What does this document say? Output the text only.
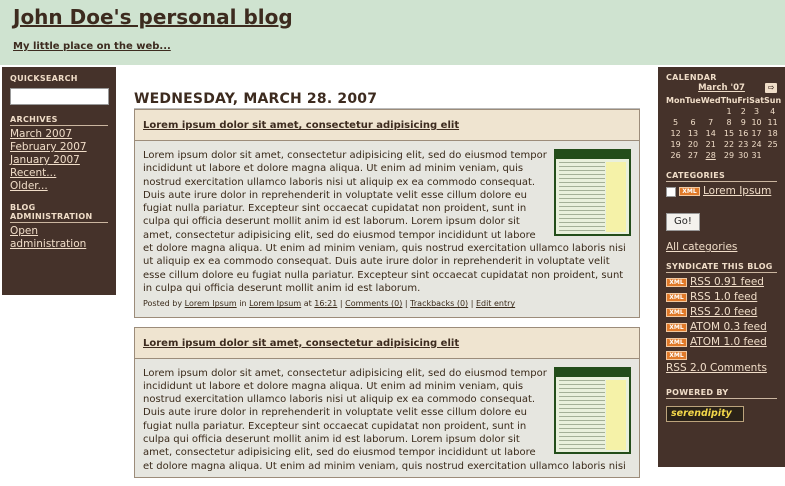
John Doe's personal blog
My little place on the web...
QUICKSEARCH
ARCHIVES
March 2007
February 2007
January 2007
Recent...
Older...
BLOG ADMINISTRATION
Open administration
WEDNESDAY, MARCH 28. 2007
Lorem ipsum dolor sit amet, consectetur adipisicing elit
Lorem ipsum dolor sit amet, consectetur adipisicing elit, sed do eiusmod tempor incididunt ut labore et dolore magna aliqua. Ut enim ad minim veniam, quis nostrud exercitation ullamco laboris nisi ut aliquip ex ea commodo consequat. Duis aute irure dolor in reprehenderit in voluptate velit esse cillum dolore eu fugiat nulla pariatur. Excepteur sint occaecat cupidatat non proident, sunt in culpa qui officia deserunt mollit anim id est laborum. Lorem ipsum dolor sit amet, consectetur adipisicing elit, sed do eiusmod tempor incididunt ut labore et dolore magna aliqua. Ut enim ad minim veniam, quis nostrud exercitation ullamco laboris nisi ut aliquip ex ea commodo consequat. Duis aute irure dolor in reprehenderit in voluptate velit esse cillum dolore eu fugiat nulla pariatur. Excepteur sint occaecat cupidatat non proident, sunt in culpa qui officia deserunt mollit anim id est laborum.
Posted by Lorem Ipsum in Lorem Ipsum at 16:21 | Comments (0) | Trackbacks (0) | Edit entry
Lorem ipsum dolor sit amet, consectetur adipisicing elit
Lorem ipsum dolor sit amet, consectetur adipisicing elit, sed do eiusmod tempor incididunt ut labore et dolore magna aliqua. Ut enim ad minim veniam, quis nostrud exercitation ullamco laboris nisi ut aliquip ex ea commodo consequat. Duis aute irure dolor in reprehenderit in voluptate velit esse cillum dolore eu fugiat nulla pariatur. Excepteur sint occaecat cupidatat non proident, sunt in culpa qui officia deserunt mollit anim id est laborum. Lorem ipsum dolor sit amet, consectetur adipisicing elit, sed do eiusmod tempor incididunt ut labore et dolore magna aliqua. Ut enim ad minim veniam, quis nostrud exercitation ullamco laboris nisi
CALENDAR
March '07	⇨
Mon	Tue	Wed	Thu	Fri	Sat	Sun
			1	2	3	4
5	6	7	8	9	10	11
12	13	14	15	16	17	18
19	20	21	22	23	24	25
26	27	28	29	30	31	
CATEGORIES
XML Lorem Ipsum
Go!
All categories
SYNDICATE THIS BLOG
XML RSS 0.91 feed
XML RSS 1.0 feed
XML RSS 2.0 feed
XML ATOM 0.3 feed
XML ATOM 1.0 feed
XML
RSS 2.0 Comments
POWERED BY
serendipity
